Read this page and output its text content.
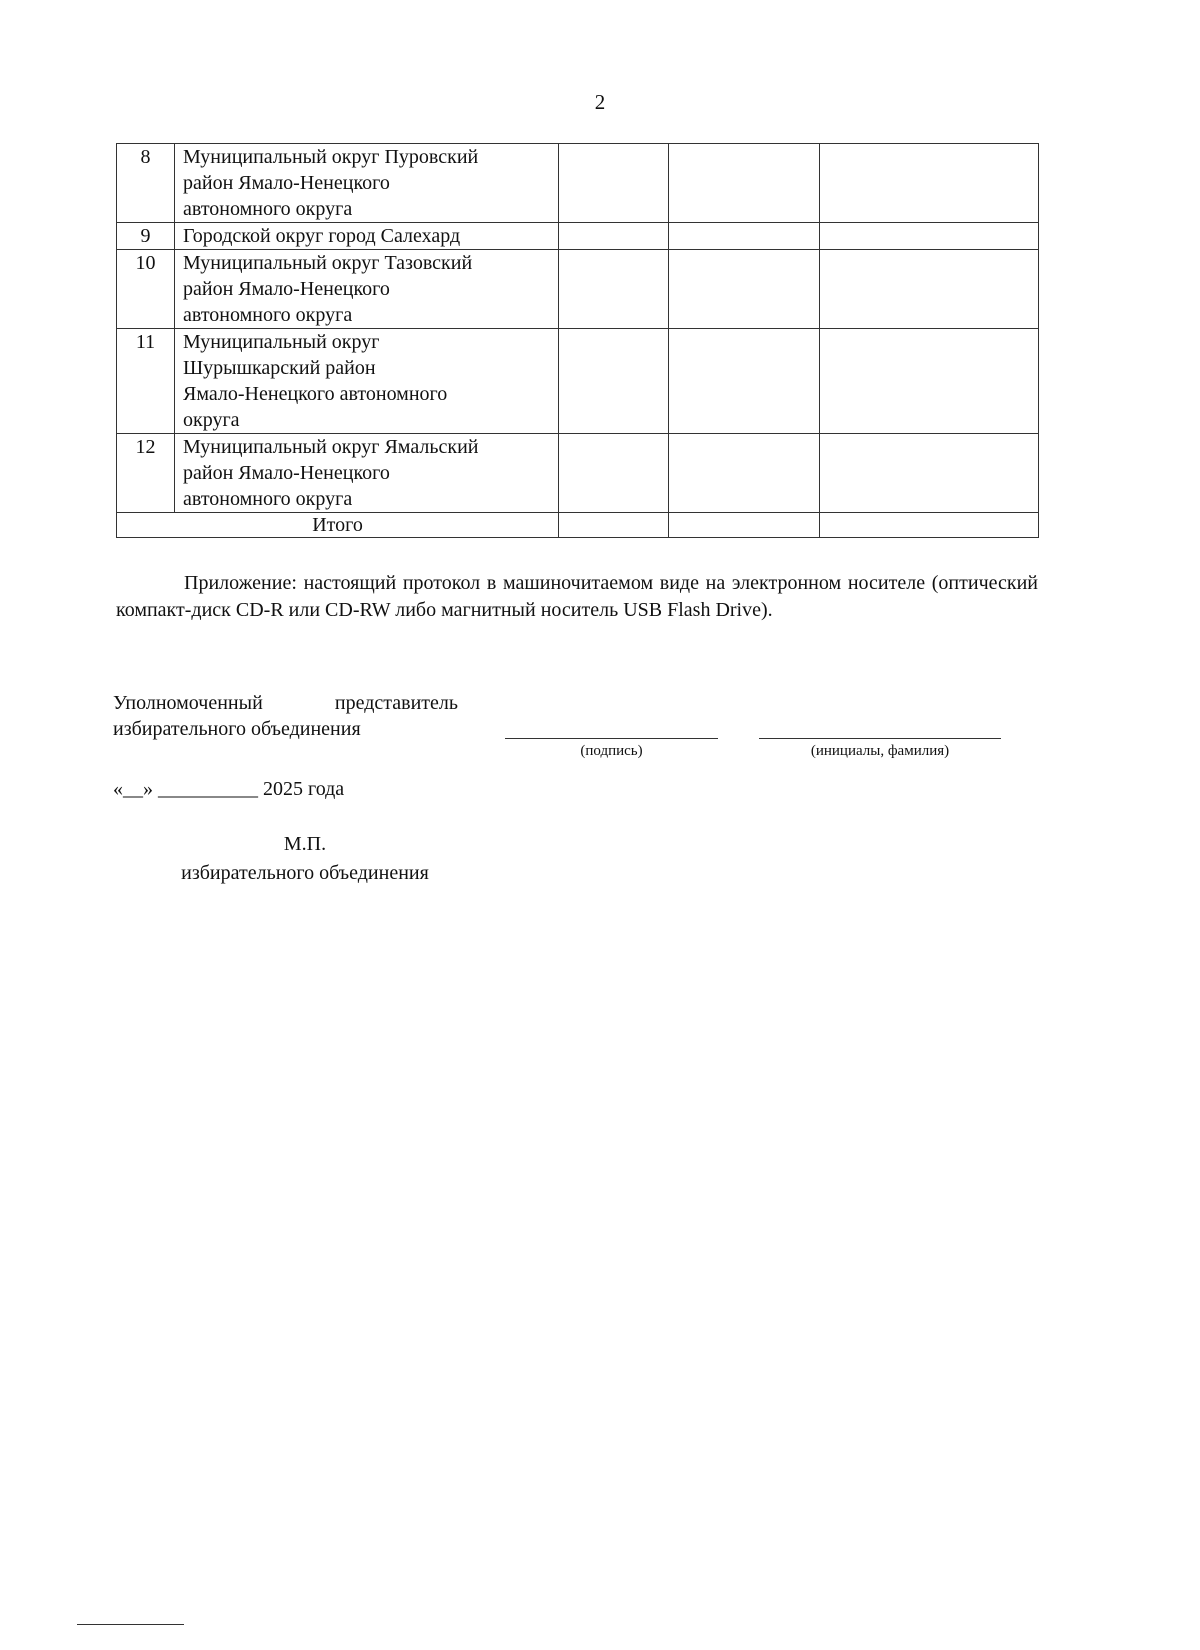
2
8	Муниципальный округ Пуровский
район Ямало-Ненецкого
автономного округа			

9	Городской округ город Салехард			

10	Муниципальный округ Тазовский
район Ямало-Ненецкого
автономного округа			

11	Муниципальный округ
Шурышкарский район
Ямало-Ненецкого автономного
округа			

12	Муниципальный округ Ямальский
район Ямало-Ненецкого
автономного округа			

Итого				
Приложение: настоящий протокол в машиночитаемом виде на электронном носителе (оптический компакт-диск CD-R или CD-RW либо магнитный носитель USB Flash Drive).
Уполномоченный	представитель
избирательного объединения
(подпись)	(инициалы, фамилия)
«__» __________ 2025 года
М.П.
избирательного объединения
